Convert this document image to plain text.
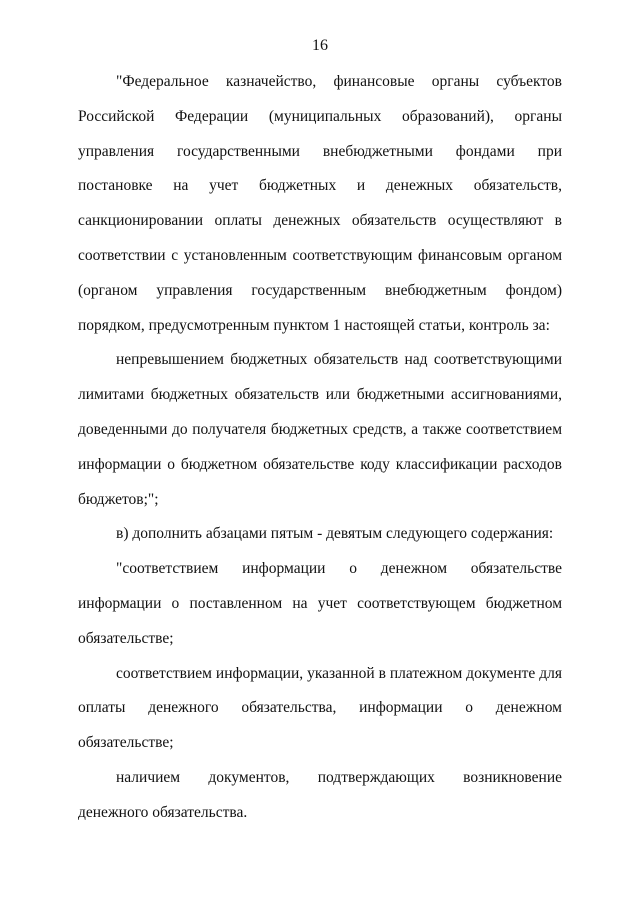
16

"Федеральное казначейство, финансовые органы субъектов Российской Федерации (муниципальных образований), органы управления государственными внебюджетными фондами при постановке на учет бюджетных и денежных обязательств, санкционировании оплаты денежных обязательств осуществляют в соответствии с установленным соответствующим финансовым органом (органом управления государственным внебюджетным фондом) порядком, предусмотренным пунктом 1 настоящей статьи, контроль за:

непревышением бюджетных обязательств над соответствующими лимитами бюджетных обязательств или бюджетными ассигнованиями, доведенными до получателя бюджетных средств, а также соответствием информации о бюджетном обязательстве коду классификации расходов бюджетов;";

в) дополнить абзацами пятым - девятым следующего содержания:

"соответствием информации о денежном обязательстве информации о поставленном на учет соответствующем бюджетном обязательстве;

соответствием информации, указанной в платежном документе для оплаты денежного обязательства, информации о денежном обязательстве;

наличием документов, подтверждающих возникновение денежного обязательства.
